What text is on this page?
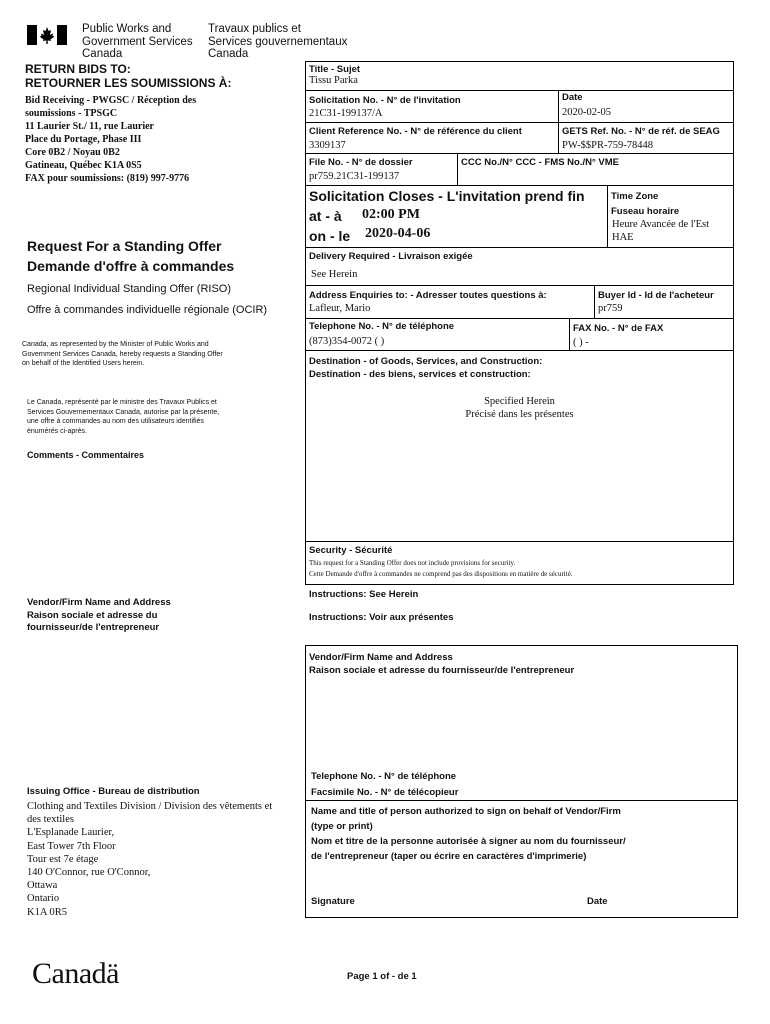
Public Works and
Government Services
Canada
Travaux publics et
Services gouvernementaux
Canada
RETURN BIDS TO:
RETOURNER LES SOUMISSIONS À:
Bid Receiving - PWGSC / Réception des
soumissions - TPSGC
11 Laurier St./ 11, rue Laurier
Place du Portage, Phase III
Core 0B2 / Noyau 0B2
Gatineau, Québec K1A 0S5
FAX pour soumissions: (819) 997-9776
Request For a Standing Offer
Demande d'offre à commandes
Regional Individual Standing Offer (RISO)
Offre à commandes individuelle régionale (OCIR)
Canada, as represented by the Minister of Public Works and
Government Services Canada, hereby requests a Standing Offer
on behalf of the Identified Users herein.
Le Canada, représenté par le ministre des Travaux Publics et
Services Gouvernementaux Canada, autorise par la présente,
une offre à commandes au nom des utilisateurs identifiés
énumérés ci-après.
Comments - Commentaires
Vendor/Firm Name and Address
Raison sociale et adresse du
fournisseur/de l'entrepreneur
Issuing Office - Bureau de distribution
Clothing and Textiles Division / Division des vêtements et
des textiles
L'Esplanade Laurier,
East Tower 7th Floor
Tour est 7e étage
140 O'Connor, rue O'Connor,
Ottawa
Ontario
K1A 0R5
Title - Sujet
Tissu Parka
Solicitation No. - N° de l'invitation
21C31-199137/A
Date
2020-02-05
Client Reference No. - N° de référence du client
3309137
GETS Ref. No. - N° de réf. de SEAG
PW-$$PR-759-78448
File No. - N° de dossier
pr759.21C31-199137
CCC No./N° CCC - FMS No./N° VME
Solicitation Closes - L'invitation prend fin
at - à 02:00 PM
on - le 2020-04-06
Time Zone
Fuseau horaire
Heure Avancée de l'Est
HAE
Delivery Required - Livraison exigée
See Herein
Address Enquiries to: - Adresser toutes questions à:
Lafleur, Mario
Buyer Id - Id de l'acheteur
pr759
Telephone No. - N° de téléphone
(873)354-0072 ( )
FAX No. - N° de FAX
( ) -
Destination - of Goods, Services, and Construction:
Destination - des biens, services et construction:
Specified Herein
Précisé dans les présentes
Security - Sécurité
This request for a Standing Offer does not include provisions for security.
Cette Demande d'offre à commandes ne comprend pas des dispositions en matière de sécurité.
Instructions: See Herein
Instructions: Voir aux présentes
Vendor/Firm Name and Address
Raison sociale et adresse du fournisseur/de l'entrepreneur
Telephone No. - N° de téléphone
Facsimile No. - N° de télécopieur
Name and title of person authorized to sign on behalf of Vendor/Firm
(type or print)
Nom et titre de la personne autorisée à signer au nom du fournisseur/
de l'entrepreneur (taper ou écrire en caractères d'imprimerie)
Signature	Date
Canadä	Page 1 of - de 1
